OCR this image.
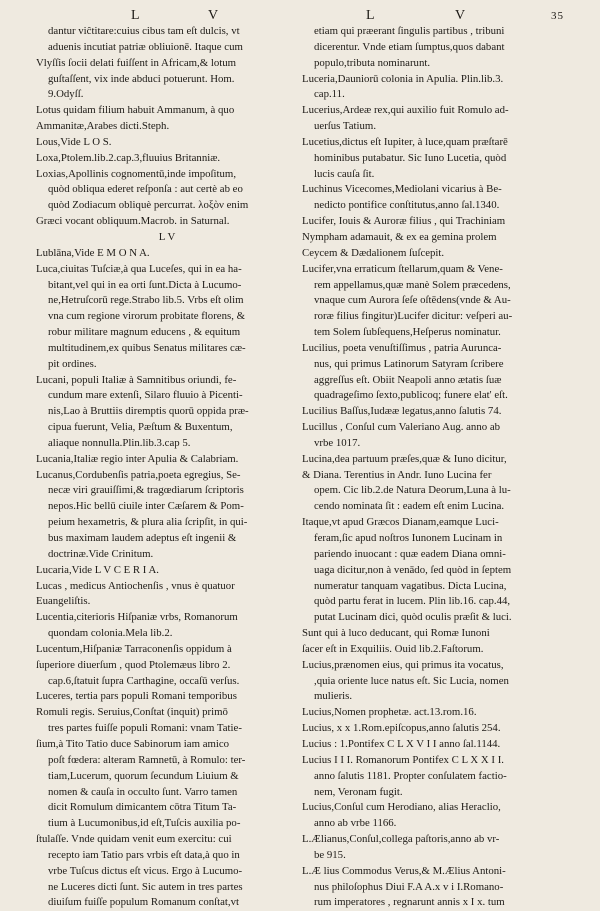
L	V	L	V	35
dantur viĉtitare:cuius cibus tam eſt dulcis, vt
aduenis incutiat patriæ obliuionē. Itaque cum
Vlyſſis ſocii delati fuiſſent in Africam,& lotum
guſtaſſent, vix inde abduci potuerunt. Hom.
9.Odyſſ.
Lotus quidam filium habuit Ammanum, à quo
Ammanitæ,Arabes dicti.Steph.
Lous,Vide L O S.
Loxa,Ptolem.lib.2.cap.3,fluuius Britanniæ.
Loxias,Apollinis cognomentū,inde impoſitum,
quòd obliqua ederet reſponſa : aut certè ab eo
quòd Zodiacum obliquè percurrat. λοξὸν enim
Græci vocant obliquum.Macrob. in Saturnal.
L V
Lublāna,Vide E M O N A.
Luca,ciuitas Tuſciæ,à qua Luceſes, qui in ea ha-
bitant,vel qui in ea orti ſunt.Dicta à Lucumo-
ne,Hetruſcorū rege.Strabo lib.5. Vrbs eſt olim
vna cum regione virorum probitate florens, &
robur militare magnum educens , & equitum
multitudinem,ex quibus Senatus militares cæ-
pit ordines.
Lucani, populi Italiæ à Samnitibus oriundi, fe-
cundum mare extenſi, Silaro fluuio à Picenti-
nis,Lao à Bruttiis diremptis quorū oppida præ-
cipua fuerunt, Velia, Pæſtum & Buxentum,
aliaque nonnulla.Plin.lib.3.cap 5.
Lucania,Italiæ regio inter Apulia & Calabriam.
Lucanus,Cordubenſis patria,poeta egregius, Se-
necæ viri grauiſſimi,& tragœdiarum ſcriptoris
nepos.Hic bellū ciuile inter Cæſarem & Pom-
peium hexametris, & plura alia ſcripſit, in qui-
bus maximam laudem adeptus eſt ingenii &
doctrinæ.Vide Crinitum.
Lucaria,Vide L V C E R I A.
Lucas , medicus Antiochenſis , vnus è quatuor
Euangeliſtis.
Lucentia,citerioris Hiſpaniæ vrbs, Romanorum
quondam colonia.Mela lib.2.
Lucentum,Hiſpaniæ Tarraconenſis oppidum à
ſuperiore diuerſum , quod Ptolemæus libro 2.
cap.6,ſtatuit ſupra Carthagine, occaſū verſus.
Luceres, tertia pars populi Romani temporibus
Romuli regis. Seruius,Conſtat (inquit) primō
tres partes fuiſſe populi Romani: vnam Tatie-
ſium,à Tito Tatio duce Sabinorum iam amico
poſt fœdera: alteram Ramnetū, à Romulo: ter-
tiam,Lucerum, quorum ſecundum Liuium &
nomen & cauſa in occulto ſunt. Varro tamen
dicit Romulum dimicantem cōtra Titum Ta-
tium à Lucumonibus,id eſt,Tuſcis auxilia po-
ſtulaſſe. Vnde quidam venit eum exercitu: cui
recepto iam Tatio pars vrbis eſt data,à quo in
vrbe Tuſcus dictus eſt vicus. Ergo à Lucumo-
ne Luceres dicti ſunt. Sic autem in tres partes
diuiſum fuiſſe populum Romanum conſtat,vt
etiam qui præerant ſingulis partibus , tribuni
dicerentur. Vnde etiam ſumptus,quos dabant
populo,tributa nominarunt.
Luceria,Dauniorū colonia in Apulia. Plin.lib.3.
cap.11.
Lucerius,Ardeæ rex,qui auxilio fuit Romulo ad-
uerſus Tatium.
Lucetius,dictus eſt Iupiter, à luce,quam præſtarē
hominibus putabatur. Sic Iuno Lucetia, quòd
lucis cauſa ſit.
Luchinus Vicecomes,Mediolani vicarius à Be-
nedicto pontifice conſtitutus,anno ſal.1340.
Lucifer, Iouis & Auroræ filius , qui Trachiniam
Nympham adamauit, & ex ea gemina prolem
Ceycem & Dædalionem ſuſcepit.
Lucifer,vna erraticum ſtellarum,quam & Vene-
rem appellamus,quæ manè Solem præcedens,
vnaque cum Aurora ſeſe oſtēdens(vnde & Au-
roræ filius fingitur)Lucifer dicitur: veſperi au-
tem Solem ſubſequens,Heſperus nominatur.
Lucilius, poeta venuſtiſſimus , patria Aurunca-
nus, qui primus Latinorum Satyram ſcribere
aggreſſus eſt. Obiit Neapoli anno ætatis ſuæ
quadrageſimo ſexto,publicoq; funere elat' eſt.
Lucilius Baſſus,Iudææ legatus,anno ſalutis 74.
Lucillus , Conſul cum Valeriano Aug. anno ab
vrbe 1017.
Lucina,dea partuum præſes,quæ & Iuno dicitur,
& Diana. Terentius in Andr. Iuno Lucina fer
opem. Cic lib.2.de Natura Deorum,Luna à lu-
cendo nominata ſit : eadem eſt enim Lucina.
Itaque,vt apud Græcos Dianam,eamque Luci-
feram,ſic apud noſtros Iunonem Lucinam in
pariendo inuocant : quæ eadem Diana omni-
uaga dicitur,non à venādo, ſed quòd in ſeptem
numeratur tanquam vagatibus. Dicta Lucina,
quòd partu ferat in lucem. Plin lib.16. cap.44,
putat Lucinam dici, quòd oculis præſit & luci.
Sunt qui à luco deducant, qui Romæ Iunoni
ſacer eſt in Exquiliis. Ouid lib.2.Faſtorum.
Lucius,prænomen eius, qui primus ita vocatus,
,quia oriente luce natus eſt. Sic Lucia, nomen
mulieris.
Lucius,Nomen prophetæ. act.13.rom.16.
Lucius, x x 1.Rom.epiſcopus,anno ſalutis 254.
Lucius : 1.Pontifex C L X V I I anno ſal.1144.
Lucius I I I. Romanorum Pontifex C L X X I I.
anno ſalutis 1181. Propter conſulatem factio-
nem, Veronam fugit.
Lucius,Conſul cum Herodiano, alias Heraclio,
anno ab vrbe 1166.
L.Ælianus,Conſul,collega paſtoris,anno ab vr-
be 915.
L.Æ lius Commodus Verus,& M.Ælius Antoni-
nus philoſophus Diui F.A A.x v i I.Romano-
rum imperatores , regnarunt annis x I x. tum
